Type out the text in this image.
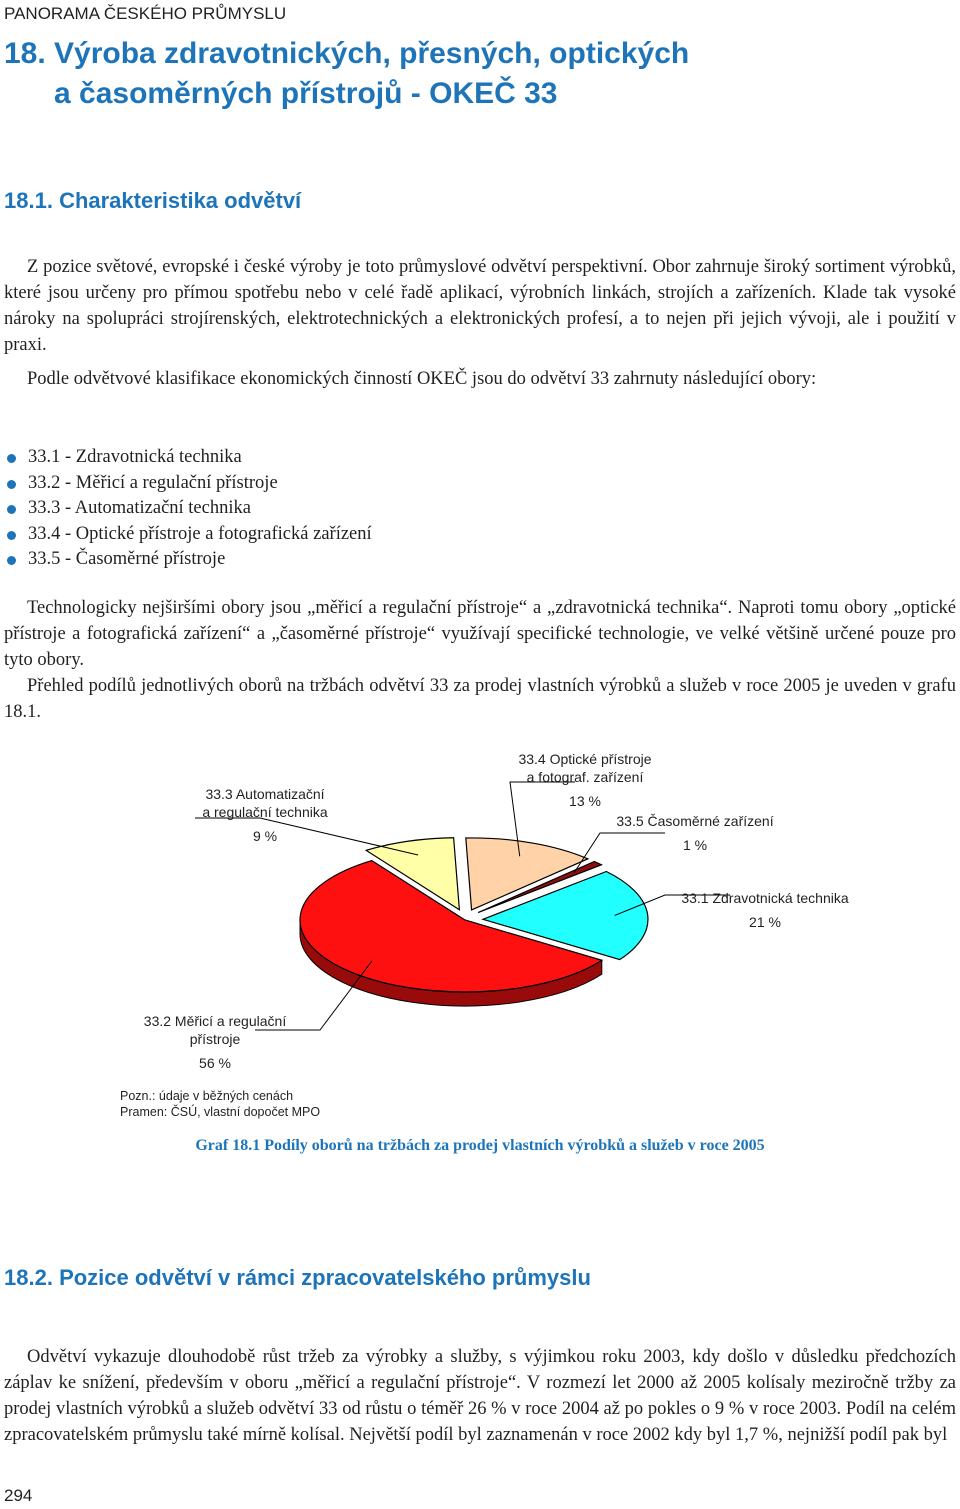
PANORAMA ČESKÉHO PRŮMYSLU
18. Výroba zdravotnických, přesných, optických
a časoměrných přístrojů - OKEČ 33
18.1. Charakteristika odvětví

Z pozice světové, evropské i české výroby je toto průmyslové odvětví perspektivní. Obor zahrnuje široký sortiment výrobků, které jsou určeny pro přímou spotřebu nebo v celé řadě aplikací, výrobních linkách, strojích a zařízeních. Klade tak vysoké nároky na spolupráci strojírenských, elektrotechnických a elektronických profesí, a to nejen při jejich vývoji, ale i použití v praxi.

Podle odvětvové klasifikace ekonomických činností OKEČ jsou do odvětví 33 zahrnuty následující obory:

33.1 - Zdravotnická technika
33.2 - Měřicí a regulační přístroje
33.3 - Automatizační technika
33.4 - Optické přístroje a fotografická zařízení
33.5 - Časoměrné přístroje

Technologicky nejširšími obory jsou „měřicí a regulační přístroje“ a „zdravotnická technika“. Naproti tomu obory „optické přístroje a fotografická zařízení“ a „časoměrné přístroje“ využívají specifické technologie, ve velké většině určené pouze pro tyto obory.

Přehled podílů jednotlivých oborů na tržbách odvětví 33 za prodej vlastních výrobků a služeb v roce 2005 je uveden v grafu 18.1.

33.3 Automatizační
a regulační technika
9 %
33.4 Optické přístroje
a fotograf. zařízení
13 %
33.5 Časoměrné zařízení
1 %
33.1 Zdravotnická technika
21 %
33.2 Měřicí a regulační
přístroje
56 %
Pozn.: údaje v běžných cenách
Pramen: ČSÚ, vlastní dopočet MPO
Graf 18.1 Podíly oborů na tržbách za prodej vlastních výrobků a služeb v roce 2005
18.2. Pozice odvětví v rámci zpracovatelského průmyslu

Odvětví vykazuje dlouhodobě růst tržeb za výrobky a služby, s výjimkou roku 2003, kdy došlo v důsledku předchozích záplav ke snížení, především v oboru „měřicí a regulační přístroje“. V rozmezí let 2000 až 2005 kolísaly meziročně tržby za prodej vlastních výrobků a služeb odvětví 33 od růstu o téměř 26 % v roce 2004 až po pokles o 9 % v roce 2003. Podíl na celém zpracovatelském průmyslu také mírně kolísal. Největší podíl byl zaznamenán v roce 2002 kdy byl 1,7 %, nejnižší podíl pak byl

294
